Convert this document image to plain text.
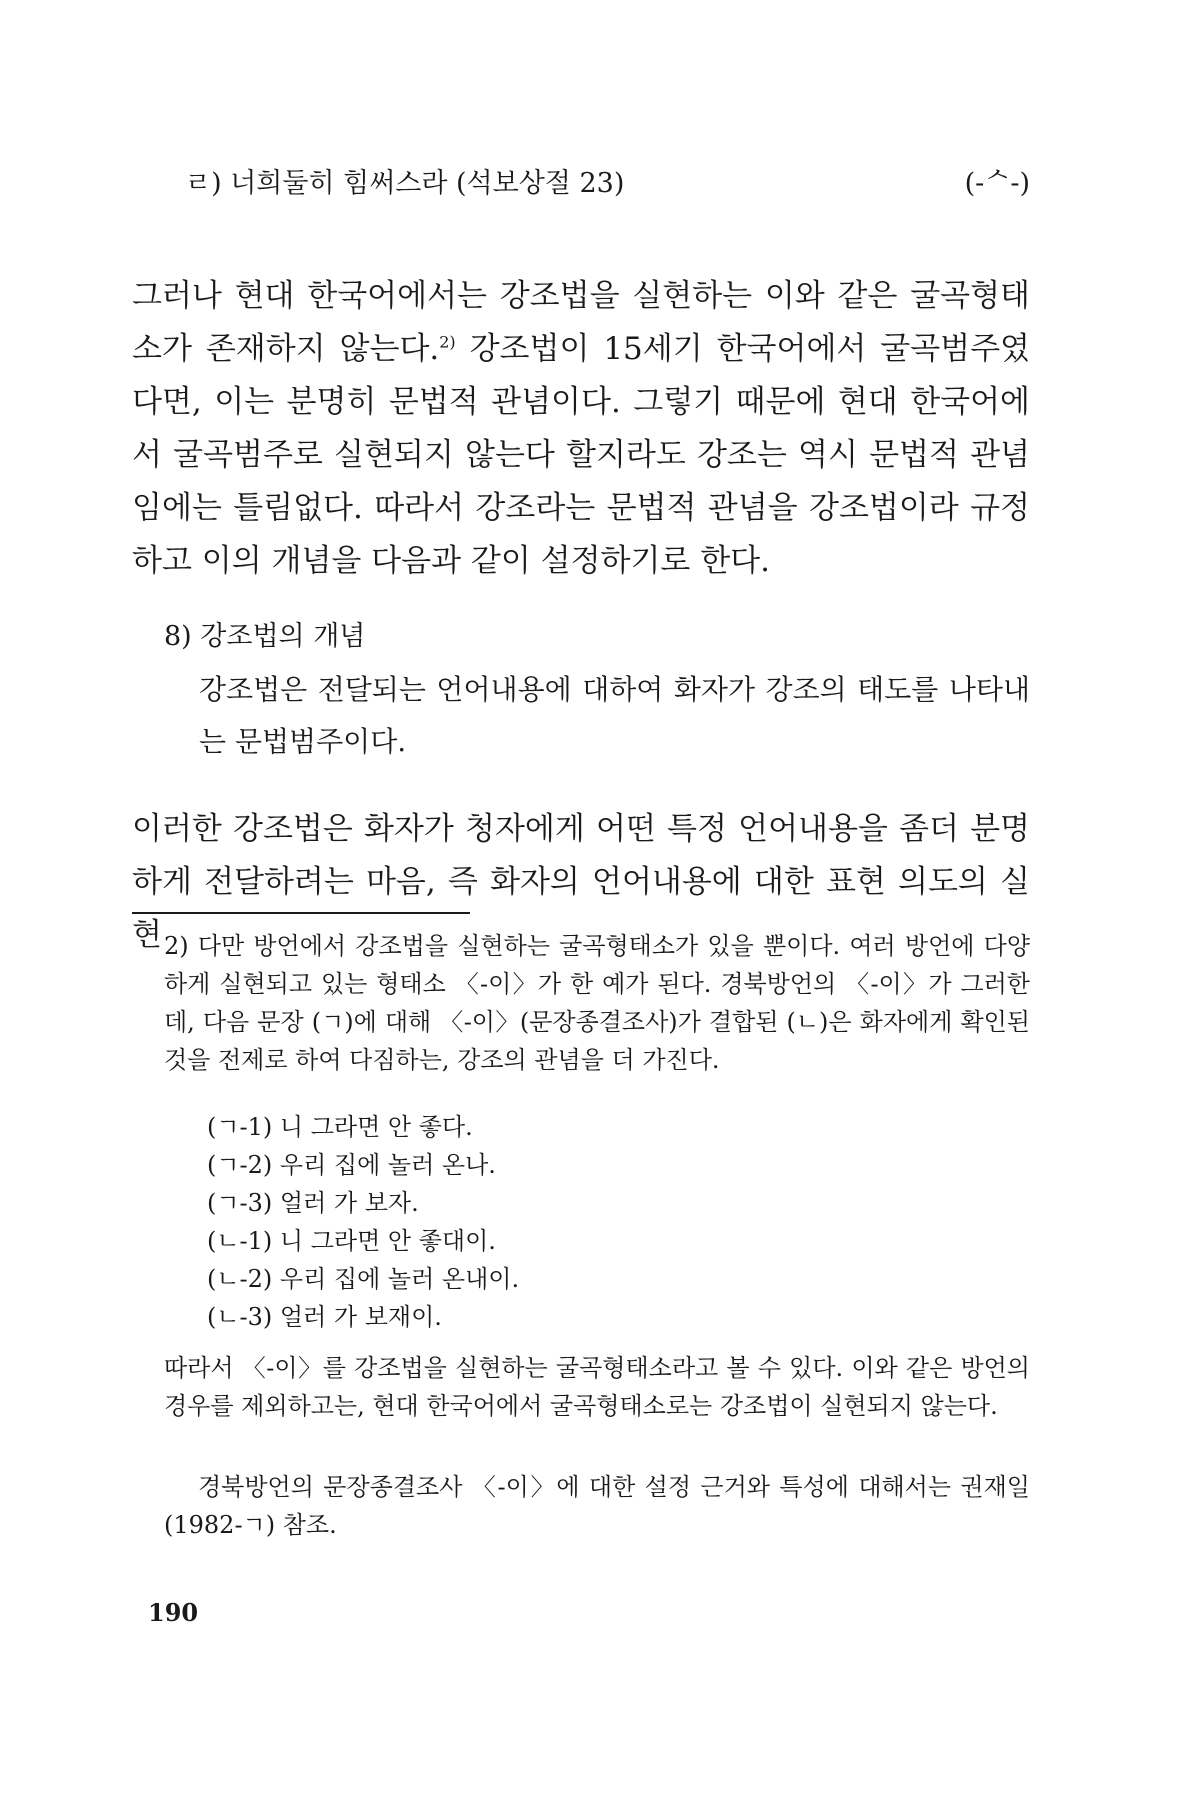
ㄹ) 너희둘히 힘써스라 (석보상절 23)	(-ᄉ-)

그러나 현대 한국어에서는 강조법을 실현하는 이와 같은 굴곡형태소가 존재하지 않는다.$^{2)}$ 강조법이 15세기 한국어에서 굴곡범주였다면, 이는 분명히 문법적 관념이다. 그렇기 때문에 현대 한국어에서 굴곡범주로 실현되지 않는다 할지라도 강조는 역시 문법적 관념임에는 틀림없다. 따라서 강조라는 문법적 관념을 강조법이라 규정하고 이의 개념을 다음과 같이 설정하기로 한다.

8) 강조법의 개념
강조법은 전달되는 언어내용에 대하여 화자가 강조의 태도를 나타내는 문법범주이다.

이러한 강조법은 화자가 청자에게 어떤 특정 언어내용을 좀더 분명하게 전달하려는 마음, 즉 화자의 언어내용에 대한 표현 의도의 실현 2) 다만 방언에서 강조법을 실현하는 굴곡형태소가 있을 뿐이다. 여러 방언에 다양하게 실현되고 있는 형태소 〈-이〉가 한 예가 된다. 경북방언의 〈-이〉가 그러한데, 다음 문장 (ㄱ)에 대해 〈-이〉(문장종결조사)가 결합된 (ㄴ)은 화자에게 확인된 것을 전제로 하여 다짐하는, 강조의 관념을 더 가진다.
(ㄱ-1) 니 그라면 안 좋다.
(ㄱ-2) 우리 집에 놀러 온나.
(ㄱ-3) 얼러 가 보자.
(ㄴ-1) 니 그라면 안 좋대이.
(ㄴ-2) 우리 집에 놀러 온내이.
(ㄴ-3) 얼러 가 보재이.
따라서 〈-이〉를 강조법을 실현하는 굴곡형태소라고 볼 수 있다. 이와 같은 방언의 경우를 제외하고는, 현대 한국어에서 굴곡형태소로는 강조법이 실현되지 않는다.
경북방언의 문장종결조사 〈-이〉에 대한 설정 근거와 특성에 대해서는 권재일(1982-ㄱ) 참조.
190
